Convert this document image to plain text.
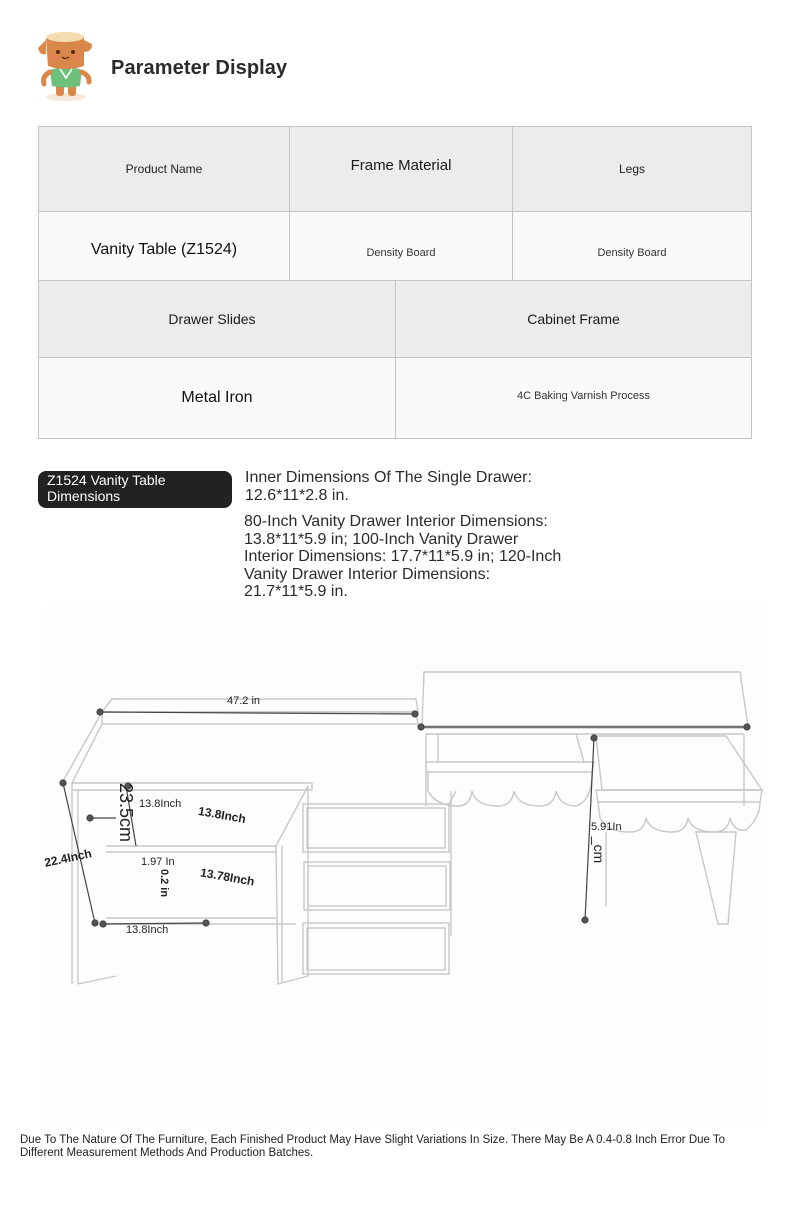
Parameter Display
Product Name	Frame Material	Legs
Vanity Table (Z1524)	Density Board	Density Board
Drawer Slides	Cabinet Frame
Metal Iron	4C Baking Varnish Process
Z1524 Vanity Table Dimensions
Inner Dimensions Of The Single Drawer: 12.6*11*2.8 in.
80-Inch Vanity Drawer Interior Dimensions: 13.8*11*5.9 in; 100-Inch Vanity Drawer Interior Dimensions: 17.7*11*5.9 in; 120-Inch Vanity Drawer Interior Dimensions: 21.7*11*5.9 in.
47.2 in
22.4Inch
23.5cm 13.8Inch 13.8Inch
1.97 In
0.2 in 13.78Inch
13.8Inch
5.91In
_cm
Due To The Nature Of The Furniture, Each Finished Product May Have Slight Variations In Size. There May Be A 0.4-0.8 Inch Error Due To Different Measurement Methods And Production Batches.
